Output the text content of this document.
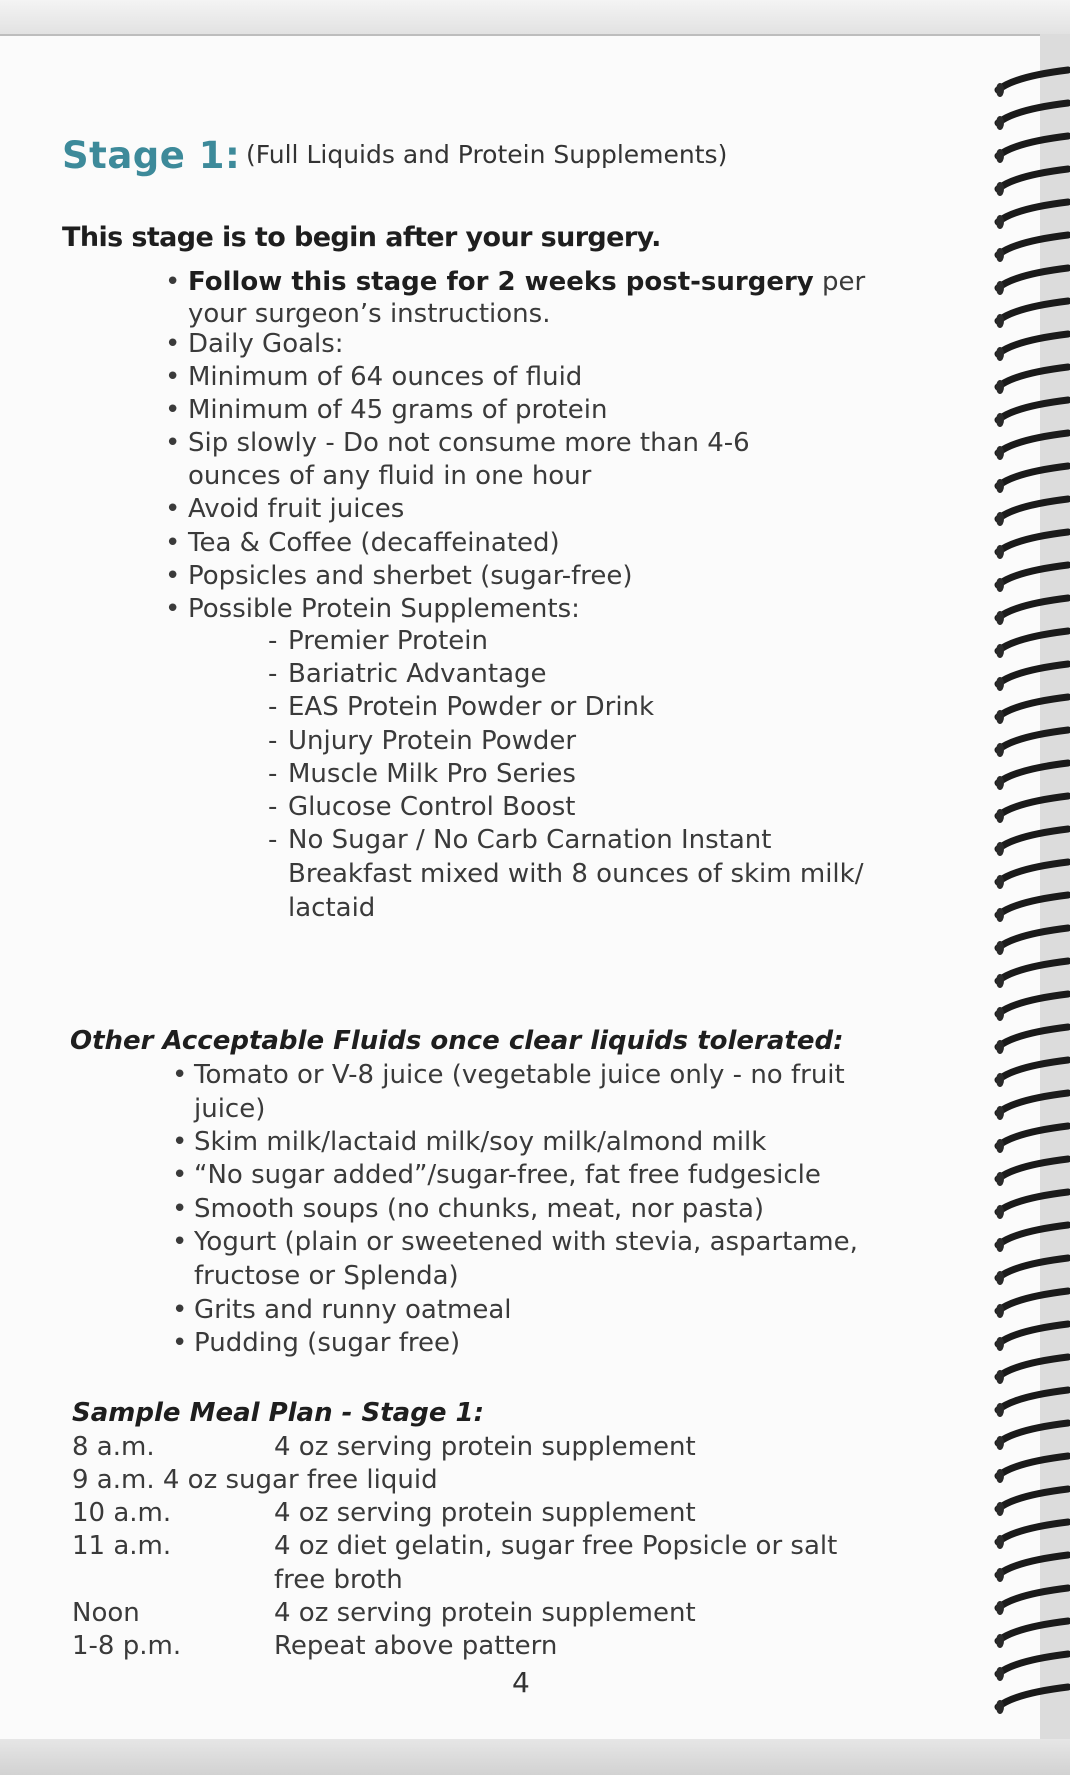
Stage 1: (Full Liquids and Protein Supplements)
This stage is to begin after your surgery.
• Follow this stage for 2 weeks post-surgery per
your surgeon’s instructions.
• Daily Goals:
• Minimum of 64 ounces of fluid
• Minimum of 45 grams of protein
• Sip slowly - Do not consume more than 4-6
ounces of any fluid in one hour
• Avoid fruit juices
• Tea & Coffee (decaffeinated)
• Popsicles and sherbet (sugar-free)
• Possible Protein Supplements:
- Premier Protein
- Bariatric Advantage
- EAS Protein Powder or Drink
- Unjury Protein Powder
- Muscle Milk Pro Series
- Glucose Control Boost
- No Sugar / No Carb Carnation Instant
Breakfast mixed with 8 ounces of skim milk/
lactaid
Other Acceptable Fluids once clear liquids tolerated:
• Tomato or V-8 juice (vegetable juice only - no fruit
juice)
• Skim milk/lactaid milk/soy milk/almond milk
• “No sugar added”/sugar-free, fat free fudgesicle
• Smooth soups (no chunks, meat, nor pasta)
• Yogurt (plain or sweetened with stevia, aspartame,
fructose or Splenda)
• Grits and runny oatmeal
• Pudding (sugar free)
Sample Meal Plan - Stage 1:
8 a.m.	4 oz serving protein supplement
9 a.m. 4 oz sugar free liquid
10 a.m.	4 oz serving protein supplement
11 a.m.	4 oz diet gelatin, sugar free Popsicle or salt
free broth
Noon	4 oz serving protein supplement
1-8 p.m.	Repeat above pattern
4
